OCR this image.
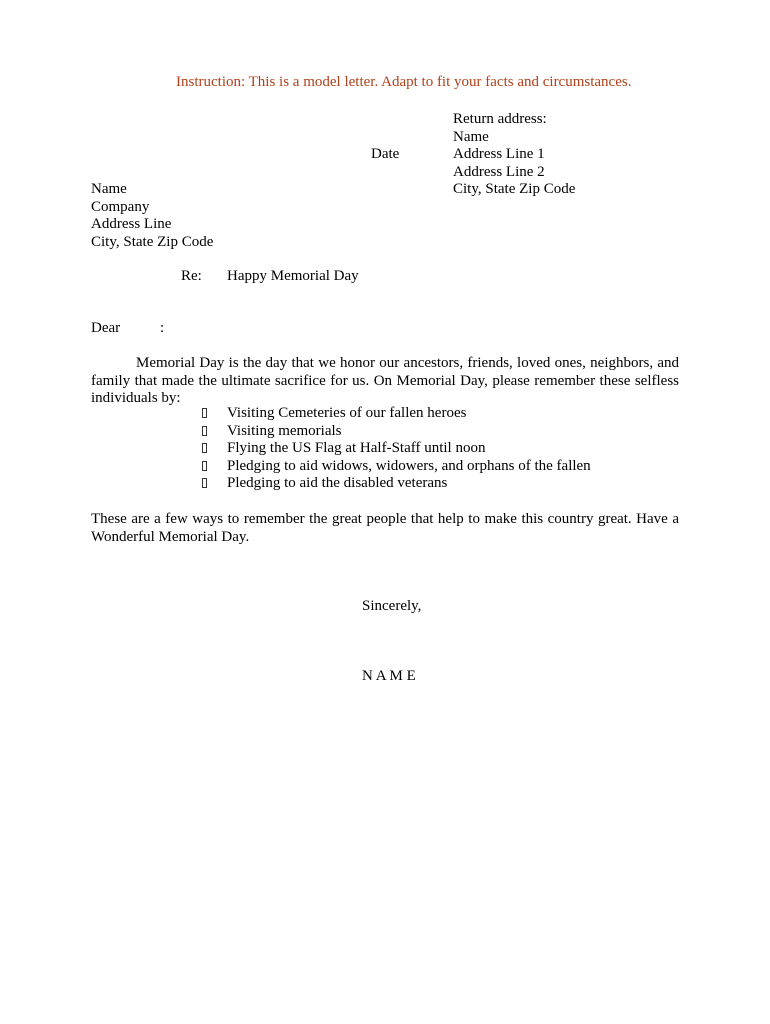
Instruction: This is a model letter. Adapt to fit your facts and circumstances.
Return address:
Name
Address Line 1
Address Line 2
City, State Zip Code
Date
Name
Company
Address Line
City, State Zip Code
Re: Happy Memorial Day
Dear	:
Memorial Day is the day that we honor our ancestors, friends, loved ones, neighbors, and family that made the ultimate sacrifice for us. On Memorial Day, please remember these selfless individuals by:
Visiting Cemeteries of our fallen heroes
Visiting memorials
Flying the US Flag at Half-Staff until noon
Pledging to aid widows, widowers, and orphans of the fallen
Pledging to aid the disabled veterans
These are a few ways to remember the great people that help to make this country great. Have a Wonderful Memorial Day.
Sincerely,
N A M E
